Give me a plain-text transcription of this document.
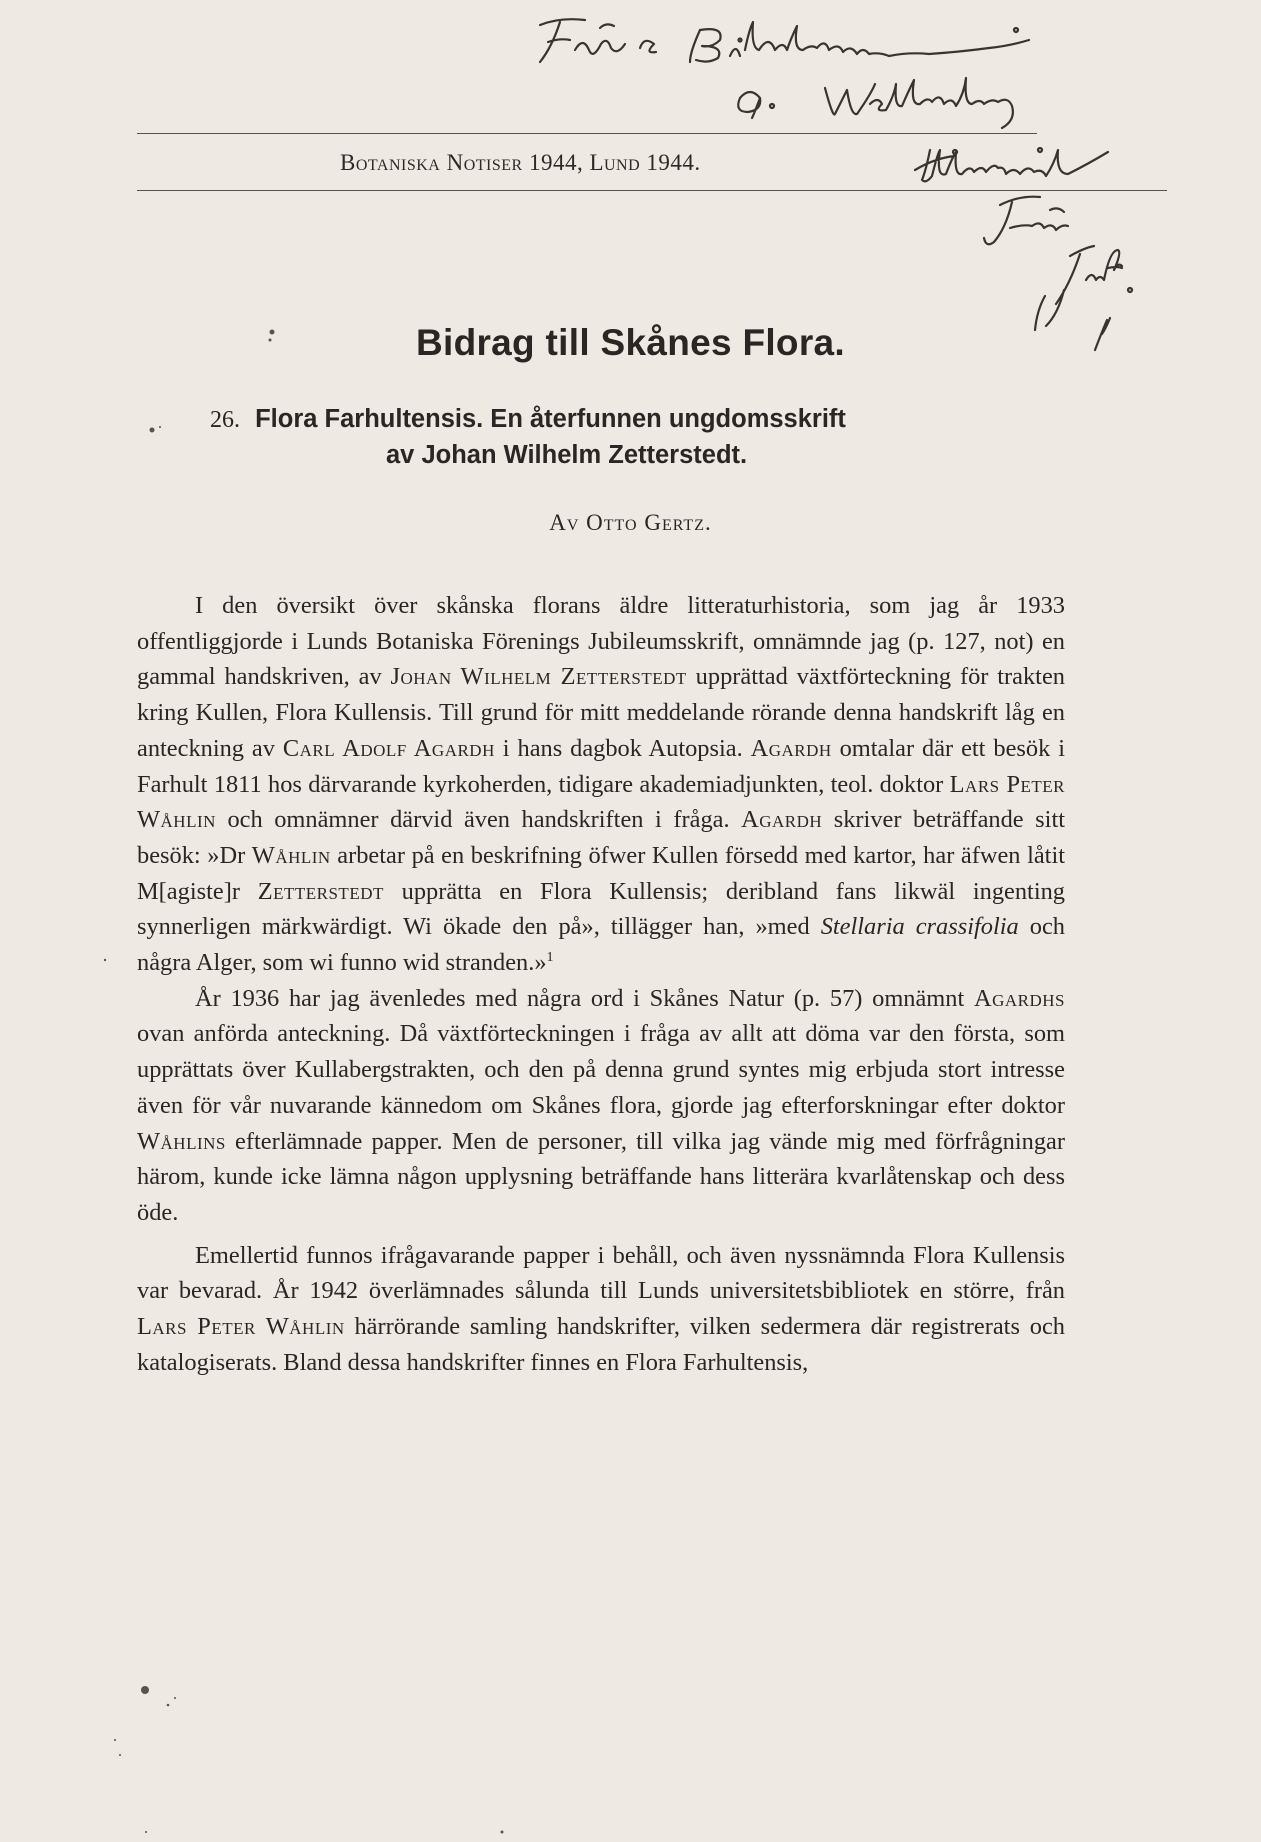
Botaniska Notiser 1944, Lund 1944.
Bidrag till Skånes Flora.
26. Flora Farhultensis. En återfunnen ungdomsskrift
av Johan Wilhelm Zetterstedt.
Av Otto Gertz.

I den översikt över skånska florans äldre litteraturhistoria, som jag år 1933 offentliggjorde i Lunds Botaniska Förenings Jubileumsskrift, omnämnde jag (p. 127, not) en gammal handskriven, av Johan Wilhelm Zetterstedt upprättad växtförteckning för trakten kring Kullen, Flora Kullensis. Till grund för mitt meddelande rörande denna handskrift låg en anteckning av Carl Adolf Agardh i hans dagbok Autopsia. Agardh omtalar där ett besök i Farhult 1811 hos därvarande kyrkoherden, tidigare akademiadjunkten, teol. doktor Lars Peter Wåhlin och omnämner därvid även handskriften i fråga. Agardh skriver beträffande sitt besök: »Dr Wåhlin arbetar på en beskrifning öfwer Kullen försedd med kartor, har äfwen låtit M[agiste]r Zetterstedt upprätta en Flora Kullensis; deribland fans likwäl ingenting synnerligen märkwärdigt. Wi ökade den på», tillägger han, »med Stellaria crassifolia och några Alger, som wi funno wid stranden.»$^1$

År 1936 har jag ävenledes med några ord i Skånes Natur (p. 57) omnämnt Agardhs ovan anförda anteckning. Då växtförteckningen i fråga av allt att döma var den första, som upprättats över Kullabergstrakten, och den på denna grund syntes mig erbjuda stort intresse även för vår nuvarande kännedom om Skånes flora, gjorde jag efterforskningar efter doktor Wåhlins efterlämnade papper. Men de personer, till vilka jag vände mig med förfrågningar härom, kunde icke lämna någon upplysning beträffande hans litterära kvarlåtenskap och dess öde.

Emellertid funnos ifrågavarande papper i behåll, och även nyssnämnda Flora Kullensis var bevarad. År 1942 överlämnades sålunda till Lunds universitetsbibliotek en större, från Lars Peter Wåhlin härrörande samling handskrifter, vilken sedermera där registrerats och katalogiserats. Bland dessa handskrifter finnes en Flora Farhultensis,
